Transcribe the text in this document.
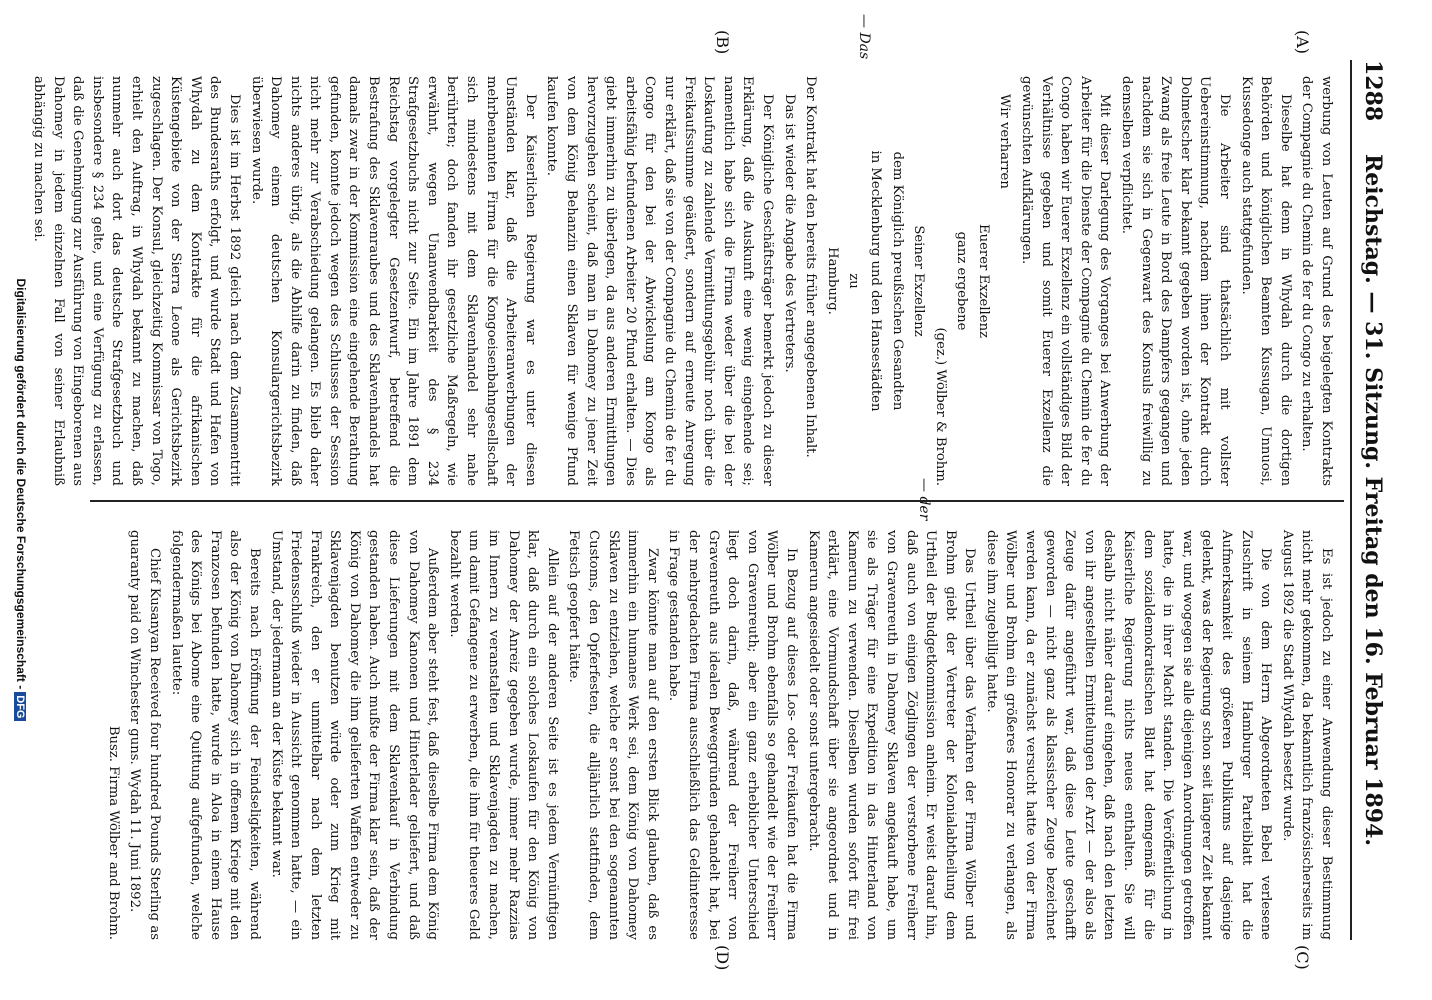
1288
Reichstag. — 31. Sitzung. Freitag den 16. Februar 1894.
(A)
(B)
(C)
(D)
— Das

werbung von Leuten auf Grund des beigelegten Kontrakts der Compagnie du Chemin de fer du Congo zu erhalten.

Dieselbe hat denn in Whydah durch die dortigen Behörden und königlichen Beamten Kussugan, Unnuosi, Kussedonge auch stattgefunden.

Die Arbeiter sind thatsächlich mit vollster Uebereinstimmung, nachdem ihnen der Kontrakt durch Dolmetscher klar bekannt gegeben worden ist, ohne jeden Zwang als freie Leute in Bord des Dampfers gegangen und nachdem sie sich in Gegenwart des Konsuls freiwillig zu demselben verpflichtet.

Mit dieser Darlegung des Vorganges bei Anwerbung der Arbeiter für die Dienste der Compagnie du Chemin de fer du Congo haben wir Euerer Exzellenz ein vollständiges Bild der Verhältnisse gegeben und somit Euerer Exzellenz die gewünschten Aufklärungen.

Wir verharren

Euerer Exzellenz

ganz ergebene

(gez.) Wölber & Brohm.

Seiner Exzellenz

dem Königlich preußischen Gesandten

in Mecklenburg und den Hansestädten

zu

Hamburg.

Der Kontrakt hat den bereits früher angegebenen Inhalt.

Das ist wieder die Angabe des Vertreters.

Der Königliche Geschäftsträger bemerkt jedoch zu dieser Erklärung, daß die Auskunft eine wenig eingehende sei; namentlich habe sich die Firma weder über die bei der Loskaufung zu zahlende Vermittlungsgebühr noch über die Freikaufssumme geäußert, sondern auf erneute Anregung nur erklärt, daß sie von der Compagnie du Chemin de fer du Congo für den bei der Abwickelung am Kongo als arbeitsfähig befundenen Arbeiter 20 Pfund erhalten. — Dies giebt immerhin zu überlegen, da aus anderen Ermittlungen hervorzugehen scheint, daß man in Dahomey zu jener Zeit von dem König Behanzin einen Sklaven für wenige Pfund kaufen konnte.

Der Kaiserlichen Regierung war es unter diesen Umständen klar, daß die Arbeiteranwerbungen der mehrbenannten Firma für die Kongoeisenbahngesellschaft sich mindestens mit dem Sklavenhandel sehr nahe berührten; doch fanden ihr gesetzliche Maßregeln, wie erwähnt, wegen Unanwendbarkeit des § 234 Strafgesetzbuchs nicht zur Seite. Ein im Jahre 1891 dem Reichstag vorgelegter Gesetzentwurf, betreffend die Bestrafung des Sklavenraubes und des Sklavenhandels hat damals zwar in der Kommission eine eingehende Berathung gefunden, konnte jedoch wegen des Schlusses der Session nicht mehr zur Verabschiedung gelangen. Es blieb daher nichts anderes übrig, als die Abhilfe darin zu finden, daß Dahomey einem deutschen Konsulargerichtsbezirk überwiesen wurde.

Dies ist im Herbst 1892 gleich nach dem Zusammentritt des Bundesraths erfolgt, und wurde Stadt und Hafen von Whydah zu dem Kontrakte für die afrikanischen Küstengebiete von der Sierra Leone als Gerichtsbezirk zugeschlagen. Der Konsul, gleichzeitig Kommissar von Togo, erhielt den Auftrag, in Whydah bekannt zu machen, daß nunmehr auch dort das deutsche Strafgesetzbuch und insbesondere § 234 gelte, und eine Verfügung zu erlassen, daß die Genehmigung zur Ausführung von Eingeborenen aus Dahomey in jedem einzelnen Fall von seiner Erlaubniß abhängig zu machen sei.

Es ist jedoch zu einer Anwendung dieser Bestimmung nicht mehr gekommen, da bekanntlich französischerseits im August 1892 die Stadt Whydah besetzt wurde.

Die von dem Herrn Abgeordneten Bebel verlesene Zuschrift in seinem Hamburger Parteiblatt hat die Aufmerksamkeit des größeren Publikums auf dasjenige gelenkt, was der Regierung schon seit längerer Zeit bekannt war, und wogegen sie alle diejenigen Anordnungen getroffen hatte, die in ihrer Macht standen. Die Veröffentlichung in dem sozialdemokratischen Blatt hat demgemäß für die Kaiserliche Regierung nichts neues enthalten. Sie will deshalb nicht näher darauf eingehen, daß nach den letzten von ihr angestellten Ermittelungen der Arzt — der also als Zeuge dafür angeführt war, daß diese Leute geschafft geworden — nicht ganz als klassischer Zeuge bezeichnet werden kann, da er zunächst versucht hatte von der Firma Wölber und Brohm ein größeres Honorar zu verlangen, als diese ihm zugebilligt hatte.

Das Urtheil über das Verfahren der Firma Wölber und Brohm giebt der Vertreter der Kolonialabtheilung dem Urtheil der Budgetkommission anheim. Er weist darauf hin, daß auch von einigen Zöglingen der verstorbene Freiherr von Gravenreuth in Dahomey Sklaven angekauft habe, um sie als Träger für eine Expedition in das Hinterland von Kamerun zu verwenden. Dieselben wurden sofort für frei erklärt, eine Vormundschaft über sie angeordnet und in Kamerun angesiedelt oder sonst untergebracht.

In Bezug auf dieses Los- oder Freikaufen hat die Firma Wölber und Brohm ebenfalls so gehandelt wie der Freiherr von Gravenreuth; aber ein ganz erheblicher Unterschied liegt doch darin, daß, während der Freiherr von Gravenreuth aus idealen Beweggründen gehandelt hat, bei der mehrgedachten Firma ausschließlich das Geldinteresse in Frage gestanden habe.

Zwar könnte man auf den ersten Blick glauben, daß es immerhin ein humanes Werk sei, dem König von Dahomey Sklaven zu entziehen, welche er sonst bei den sogenannten Customs, den Opferfesten, die alljährlich stattfinden, dem Fetisch geopfert hätte.

Allein auf der anderen Seite ist es jedem Vernünftigen klar, daß durch ein solches Loskaufen für den König von Dahomey der Anreiz gegeben wurde, immer mehr Razzias im Innern zu veranstalten und Sklavenjagden zu machen, um damit Gefangene zu erwerben, die ihm für theueres Geld bezahlt werden.

Außerdem aber steht fest, daß dieselbe Firma dem König von Dahomey Kanonen und Hinterlader geliefert, und daß diese Lieferungen mit dem Sklavenkauf in Verbindung gestanden haben. Auch mußte der Firma klar sein, daß der König von Dahomey die ihm gelieferten Waffen entweder zu Sklavenjagden benutzen würde oder zum Krieg mit Frankreich, den er unmittelbar nach dem letzten Friedensschluß wieder in Aussicht genommen hatte, — ein Umstand, der jedermann an der Küste bekannt war.

Bereits nach Eröffnung der Feindseligkeiten, während also der König von Dahomey sich in offenem Kriege mit den Franzosen befunden hatte, wurde in Aloa in einem Hause des Königs bei Abome eine Quittung aufgefunden, welche folgendermaßen lautete:

Chief Kusanyan Received four hundred Pounds Sterling as guaranty paid on Winchester guns. Wydah 11. Juni 1892.

Busz. Firma Wölber and Brohm.

Digitalisierung gefördert durch die Deutsche Forschungsgemeinschaft -DFG
